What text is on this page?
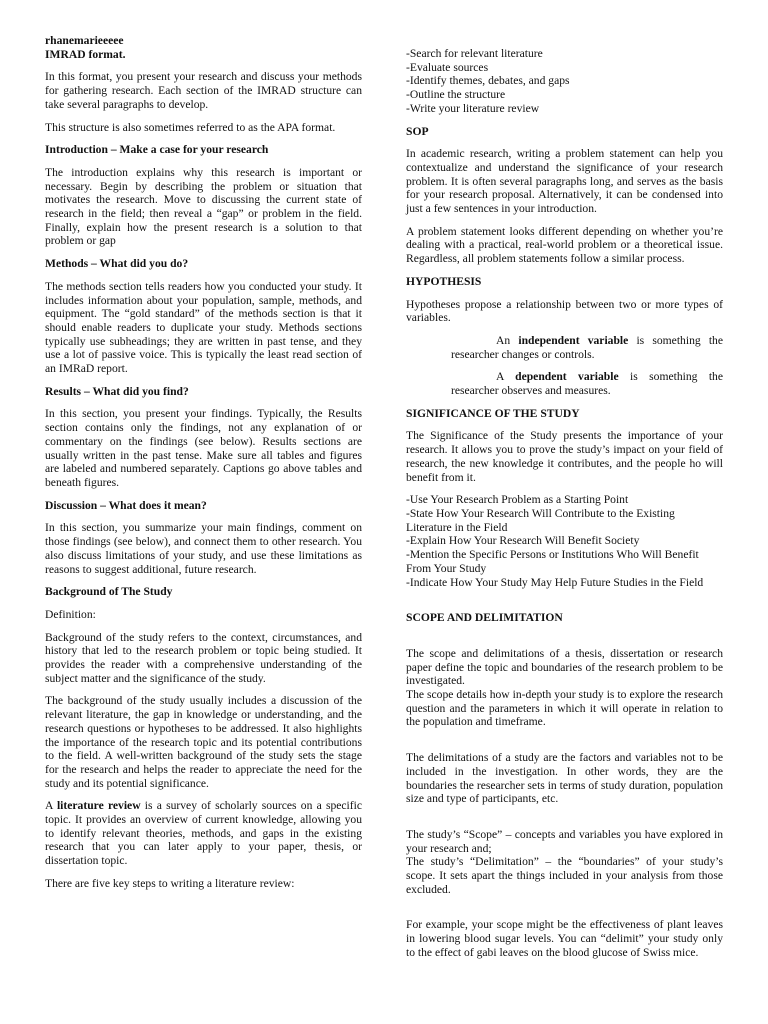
rhanemarieeeee
IMRAD format.

In this format, you present your research and discuss your methods for gathering research. Each section of the IMRAD structure can take several paragraphs to develop.

This structure is also sometimes referred to as the APA format.

Introduction – Make a case for your research

The introduction explains why this research is important or necessary. Begin by describing the problem or situation that motivates the research. Move to discussing the current state of research in the field; then reveal a “gap” or problem in the field. Finally, explain how the present research is a solution to that problem or gap

Methods – What did you do?

The methods section tells readers how you conducted your study. It includes information about your population, sample, methods, and equipment. The “gold standard” of the methods section is that it should enable readers to duplicate your study. Methods sections typically use subheadings; they are written in past tense, and they use a lot of passive voice. This is typically the least read section of an IMRaD report.

Results – What did you find?

In this section, you present your findings. Typically, the Results section contains only the findings, not any explanation of or commentary on the findings (see below). Results sections are usually written in the past tense. Make sure all tables and figures are labeled and numbered separately. Captions go above tables and beneath figures.

Discussion – What does it mean?

In this section, you summarize your main findings, comment on those findings (see below), and connect them to other research. You also discuss limitations of your study, and use these limitations as reasons to suggest additional, future research.

Background of The Study

Definition:

Background of the study refers to the context, circumstances, and history that led to the research problem or topic being studied. It provides the reader with a comprehensive understanding of the subject matter and the significance of the study.

The background of the study usually includes a discussion of the relevant literature, the gap in knowledge or understanding, and the research questions or hypotheses to be addressed. It also highlights the importance of the research topic and its potential contributions to the field. A well-written background of the study sets the stage for the research and helps the reader to appreciate the need for the study and its potential significance.

A literature review is a survey of scholarly sources on a specific topic. It provides an overview of current knowledge, allowing you to identify relevant theories, methods, and gaps in the existing research that you can later apply to your paper, thesis, or dissertation topic.

There are five key steps to writing a literature review:

-Search for relevant literature
-Evaluate sources
-Identify themes, debates, and gaps
-Outline the structure
-Write your literature review
SOP

In academic research, writing a problem statement can help you contextualize and understand the significance of your research problem. It is often several paragraphs long, and serves as the basis for your research proposal. Alternatively, it can be condensed into just a few sentences in your introduction.

A problem statement looks different depending on whether you’re dealing with a practical, real-world problem or a theoretical issue. Regardless, all problem statements follow a similar process.

HYPOTHESIS

Hypotheses propose a relationship between two or more types of variables.

An independent variable is something the researcher changes or controls.

A dependent variable is something the researcher observes and measures.

SIGNIFICANCE OF THE STUDY

The Significance of the Study presents the importance of your research. It allows you to prove the study’s impact on your field of research, the new knowledge it contributes, and the people ho will benefit from it.

-Use Your Research Problem as a Starting Point
-State How Your Research Will Contribute to the Existing Literature in the Field
-Explain How Your Research Will Benefit Society
-Mention the Specific Persons or Institutions Who Will Benefit From Your Study
-Indicate How Your Study May Help Future Studies in the Field
SCOPE AND DELIMITATION

The scope and delimitations of a thesis, dissertation or research paper define the topic and boundaries of the research problem to be investigated.

The scope details how in-depth your study is to explore the research question and the parameters in which it will operate in relation to the population and timeframe.

The delimitations of a study are the factors and variables not to be included in the investigation. In other words, they are the boundaries the researcher sets in terms of study duration, population size and type of participants, etc.

The study’s “Scope” – concepts and variables you have explored in your research and;

The study’s “Delimitation” – the “boundaries” of your study’s scope. It sets apart the things included in your analysis from those excluded.

For example, your scope might be the effectiveness of plant leaves in lowering blood sugar levels. You can “delimit” your study only to the effect of gabi leaves on the blood glucose of Swiss mice.
